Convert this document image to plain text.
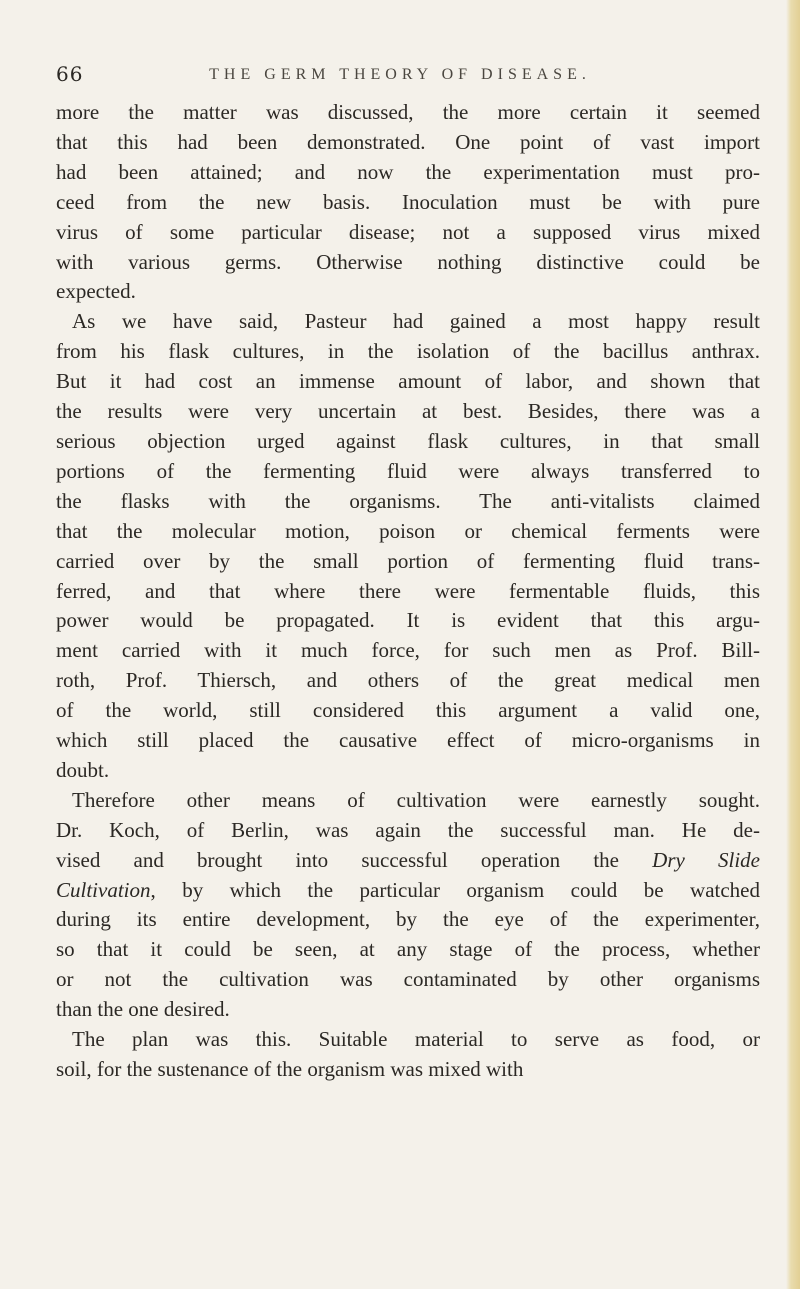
66	THE GERM THEORY OF DISEASE.

more the matter was discussed, the more certain it seemed
that this had been demonstrated. One point of vast import
had been attained; and now the experimentation must pro-
ceed from the new basis. Inoculation must be with pure
virus of some particular disease; not a supposed virus mixed
with various germs. Otherwise nothing distinctive could be
expected.

As we have said, Pasteur had gained a most happy result
from his flask cultures, in the isolation of the bacillus anthrax.
But it had cost an immense amount of labor, and shown that
the results were very uncertain at best. Besides, there was a
serious objection urged against flask cultures, in that small
portions of the fermenting fluid were always transferred to
the flasks with the organisms. The anti-vitalists claimed
that the molecular motion, poison or chemical ferments were
carried over by the small portion of fermenting fluid trans-
ferred, and that where there were fermentable fluids, this
power would be propagated. It is evident that this argu-
ment carried with it much force, for such men as Prof. Bill-
roth, Prof. Thiersch, and others of the great medical men
of the world, still considered this argument a valid one,
which still placed the causative effect of micro-organisms in
doubt.

Therefore other means of cultivation were earnestly sought.
Dr. Koch, of Berlin, was again the successful man. He de-
vised and brought into successful operation the Dry Slide
Cultivation, by which the particular organism could be watched
during its entire development, by the eye of the experimenter,
so that it could be seen, at any stage of the process, whether
or not the cultivation was contaminated by other organisms
than the one desired.

The plan was this. Suitable material to serve as food, or
soil, for the sustenance of the organism was mixed with
